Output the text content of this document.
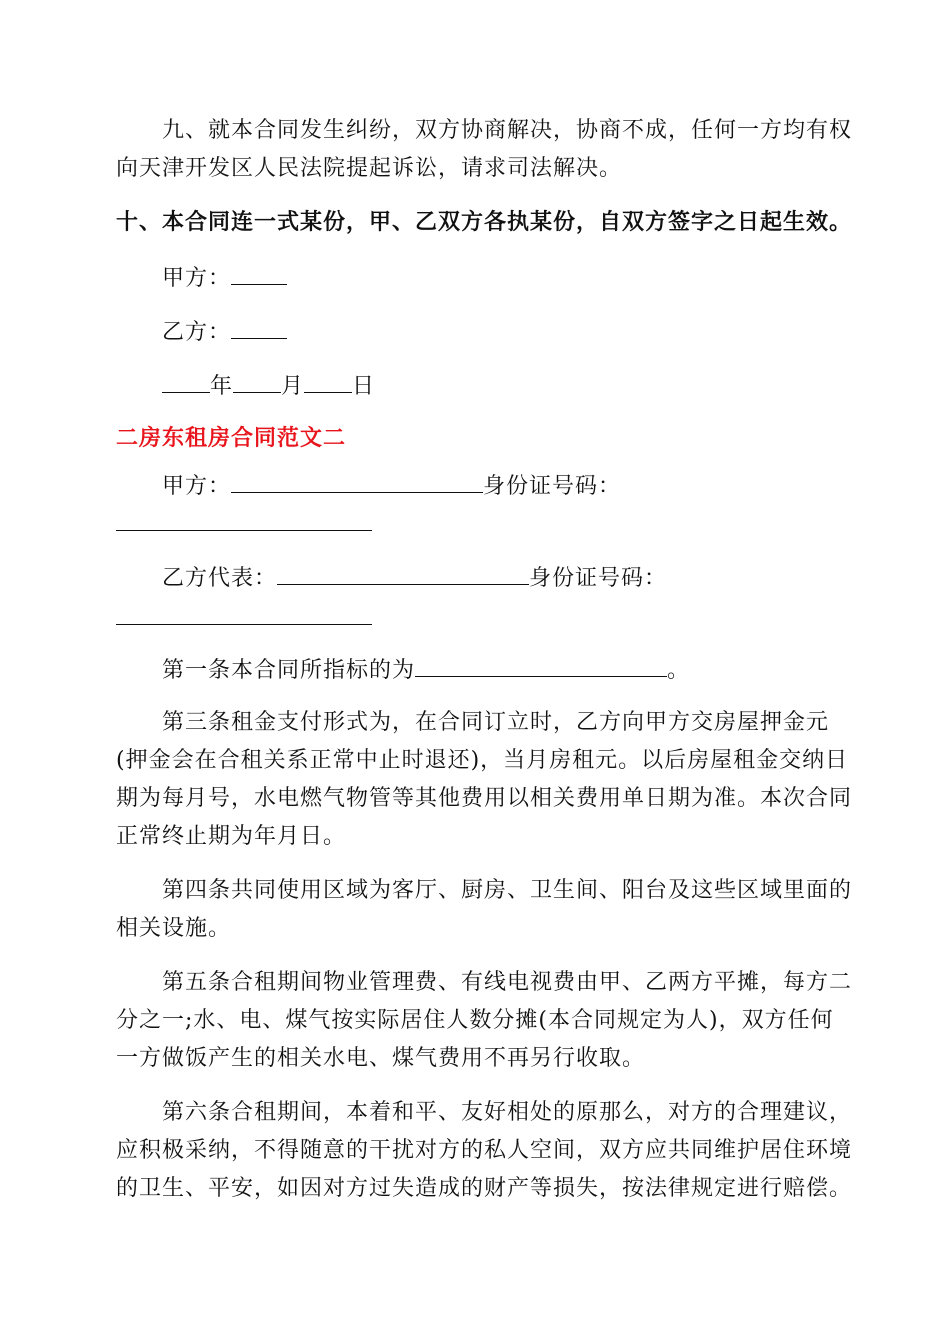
九、就本合同发生纠纷，双方协商解决，协商不成，任何一方均有权
向天津开发区人民法院提起诉讼，请求司法解决。
十、本合同连一式某份，甲、乙双方各执某份，自双方签字之日起生效。
甲方：
乙方：
年 月 日
二房东租房合同范文二
甲方：	身份证号码：
乙方代表：	身份证号码：
第一条本合同所指标的为	。
第三条租金支付形式为，在合同订立时，乙方向甲方交房屋押金元
(押金会在合租关系正常中止时退还)，当月房租元。以后房屋租金交纳日
期为每月号，水电燃气物管等其他费用以相关费用单日期为准。本次合同
正常终止期为年月日。
第四条共同使用区域为客厅、厨房、卫生间、阳台及这些区域里面的
相关设施。
第五条合租期间物业管理费、有线电视费由甲、乙两方平摊，每方二
分之一;水、电、煤气按实际居住人数分摊(本合同规定为人)，双方任何
一方做饭产生的相关水电、煤气费用不再另行收取。
第六条合租期间，本着和平、友好相处的原那么，对方的合理建议，
应积极采纳，不得随意的干扰对方的私人空间，双方应共同维护居住环境
的卫生、平安，如因对方过失造成的财产等损失，按法律规定进行赔偿。
